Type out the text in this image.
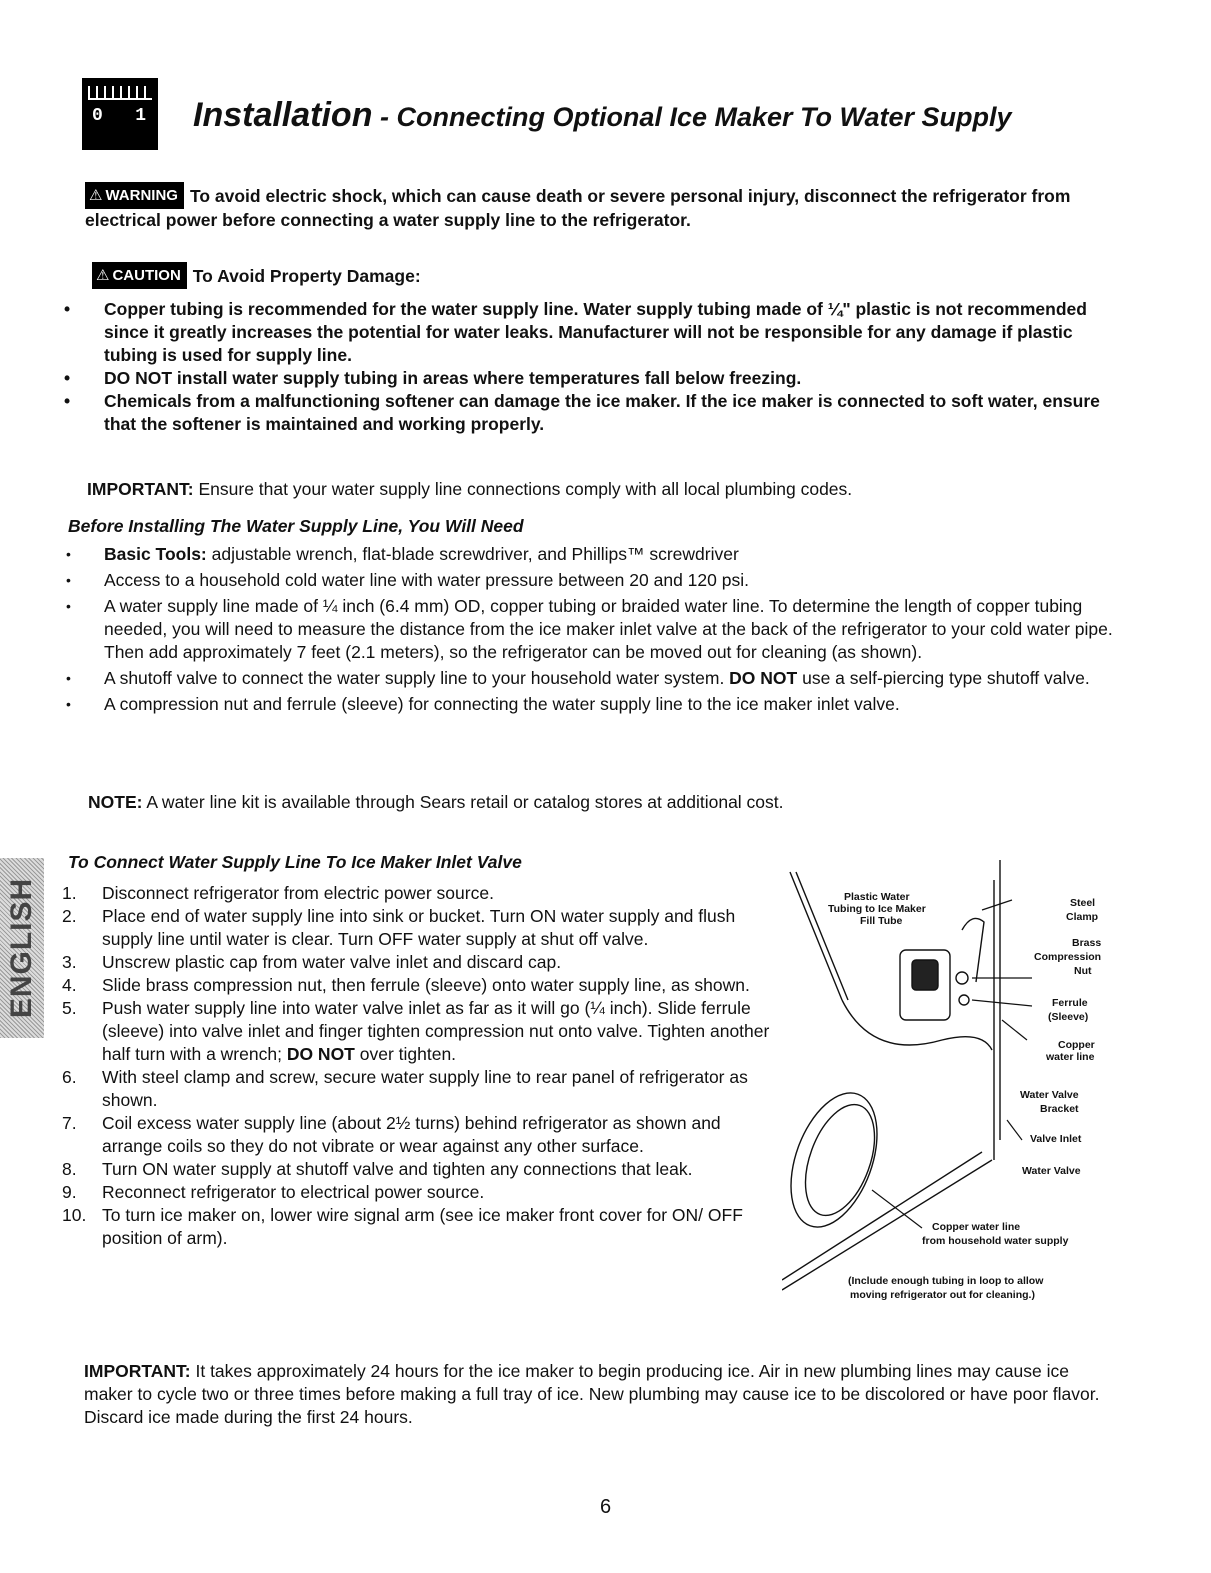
0 1 Installation - Connecting Optional Ice Maker To Water Supply
⚠ WARNING To avoid electric shock, which can cause death or severe personal injury, disconnect the refrigerator from electrical power before connecting a water supply line to the refrigerator.
⚠ CAUTION To Avoid Property Damage:
• Copper tubing is recommended for the water supply line. Water supply tubing made of ¼" plastic is not recommended since it greatly increases the potential for water leaks. Manufacturer will not be responsible for any damage if plastic tubing is used for supply line.
• DO NOT install water supply tubing in areas where temperatures fall below freezing.
• Chemicals from a malfunctioning softener can damage the ice maker. If the ice maker is connected to soft water, ensure that the softener is maintained and working properly.
IMPORTANT: Ensure that your water supply line connections comply with all local plumbing codes.
Before Installing The Water Supply Line, You Will Need
• Basic Tools: adjustable wrench, flat-blade screwdriver, and Phillips™ screwdriver
• Access to a household cold water line with water pressure between 20 and 120 psi.
• A water supply line made of ¼ inch (6.4 mm) OD, copper tubing or braided water line. To determine the length of copper tubing needed, you will need to measure the distance from the ice maker inlet valve at the back of the refrigerator to your cold water pipe. Then add approximately 7 feet (2.1 meters), so the refrigerator can be moved out for cleaning (as shown).
• A shutoff valve to connect the water supply line to your household water system. DO NOT use a self-piercing type shutoff valve.
• A compression nut and ferrule (sleeve) for connecting the water supply line to the ice maker inlet valve.
NOTE: A water line kit is available through Sears retail or catalog stores at additional cost.
ENGLISH
To Connect Water Supply Line To Ice Maker Inlet Valve
1. Disconnect refrigerator from electric power source.
2. Place end of water supply line into sink or bucket. Turn ON water supply and flush supply line until water is clear. Turn OFF water supply at shut off valve.
3. Unscrew plastic cap from water valve inlet and discard cap.
4. Slide brass compression nut, then ferrule (sleeve) onto water supply line, as shown.
5. Push water supply line into water valve inlet as far as it will go (¼ inch). Slide ferrule (sleeve) into valve inlet and finger tighten compression nut onto valve. Tighten another half turn with a wrench; DO NOT over tighten.
6. With steel clamp and screw, secure water supply line to rear panel of refrigerator as shown.
7. Coil excess water supply line (about 2½ turns) behind refrigerator as shown and arrange coils so they do not vibrate or wear against any other surface.
8. Turn ON water supply at shutoff valve and tighten any connections that leak.
9. Reconnect refrigerator to electrical power source.
10. To turn ice maker on, lower wire signal arm (see ice maker front cover for ON/ OFF position of arm).
Plastic Water
Tubing to Ice Maker
Fill Tube
Steel
Clamp
Brass
Compression
Nut
Ferrule
(Sleeve)
Copper
water line
Water Valve
Bracket
Valve Inlet
Water Valve
Copper water line
from household water supply
(Include enough tubing in loop to allow
moving refrigerator out for cleaning.)
IMPORTANT: It takes approximately 24 hours for the ice maker to begin producing ice. Air in new plumbing lines may cause ice maker to cycle two or three times before making a full tray of ice. New plumbing may cause ice to be discolored or have poor flavor. Discard ice made during the first 24 hours.
6
